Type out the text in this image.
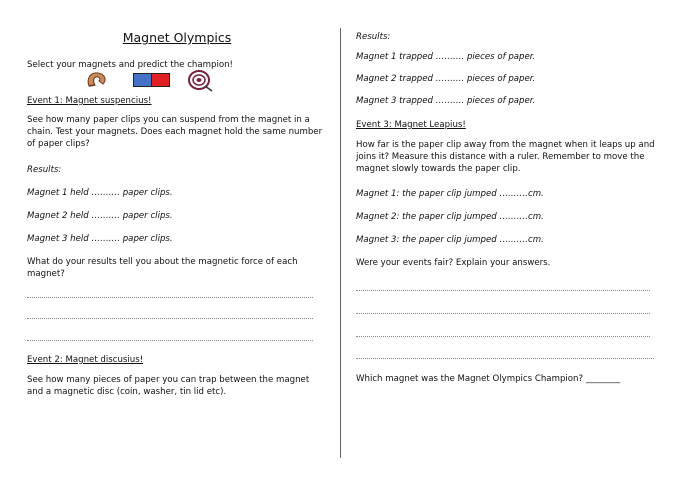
Magnet Olympics
Select your magnets and predict the champion!
Event 1: Magnet suspencius!
See how many paper clips you can suspend from the magnet in a chain. Test your magnets. Does each magnet hold the same number of paper clips?
Results:
Magnet 1 held ………. paper clips.
Magnet 2 held ………. paper clips.
Magnet 3 held ………. paper clips.
What do your results tell you about the magnetic force of each magnet?
Event 2: Magnet discusius!
See how many pieces of paper you can trap between the magnet and a magnetic disc (coin, washer, tin lid etc).
Results:
Magnet 1 trapped ………. pieces of paper.
Magnet 2 trapped ………. pieces of paper.
Magnet 3 trapped ………. pieces of paper.
Event 3: Magnet Leapius!
How far is the paper clip away from the magnet when it leaps up and joins it? Measure this distance with a ruler. Remember to move the magnet slowly towards the paper clip.
Magnet 1: the paper clip jumped ……….cm.
Magnet 2: the paper clip jumped ……….cm.
Magnet 3: the paper clip jumped ……….cm.
Were your events fair? Explain your answers.
Which magnet was the Magnet Olympics Champion? ________
